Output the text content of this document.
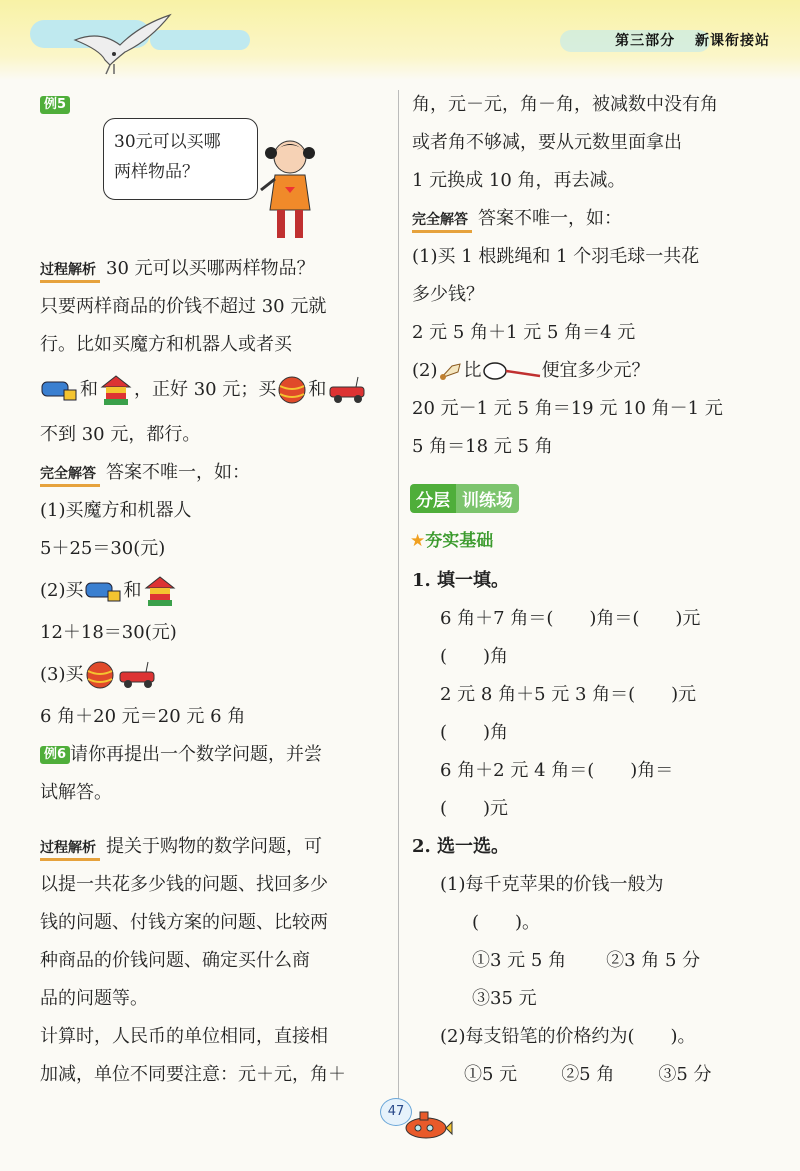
第三部分 新课衔接站
例5
30元可以买哪
两样物品？

过程解析 30 元可以买哪两样物品？

只要两样商品的价钱不超过 30 元就

行。比如买魔方和机器人或者买

和 ，正好 30 元；买 和

不到 30 元，都行。

完全解答 答案不唯一，如：

(1)买魔方和机器人

5＋25＝30(元)

(2)买 和

12＋18＝30(元)

(3)买

6 角＋20 元＝20 元 6 角

例6 请你再提出一个数学问题，并尝

试解答。

过程解析 提关于购物的数学问题，可

以提一共花多少钱的问题、找回多少

钱的问题、付钱方案的问题、比较两

种商品的价钱问题、确定买什么商

品的问题等。

计算时，人民币的单位相同，直接相

加减，单位不同要注意：元＋元，角＋

角，元－元，角－角，被减数中没有角

或者角不够减，要从元数里面拿出

1 元换成 10 角，再去减。

完全解答 答案不唯一，如：

(1)买 1 根跳绳和 1 个羽毛球一共花

多少钱？

2 元 5 角＋1 元 5 角＝4 元

(2) 比	便宜多少元？

20 元－1 元 5 角＝19 元 10 角－1 元

5 角＝18 元 5 角

分层 训练场
★夯实基础

1. 填一填。

6 角＋7 角＝(　　)角＝(　　)元

(　　)角

2 元 8 角＋5 元 3 角＝(　　)元

(　　)角

6 角＋2 元 4 角＝(　　)角＝

(　　)元

2. 选一选。

(1)每千克苹果的价钱一般为

(　　)。

①3 元 5 角 ②3 角 5 分

③35 元

(2)每支铅笔的价格约为(　　)。

①5 元 ②5 角 ③5 分

47
